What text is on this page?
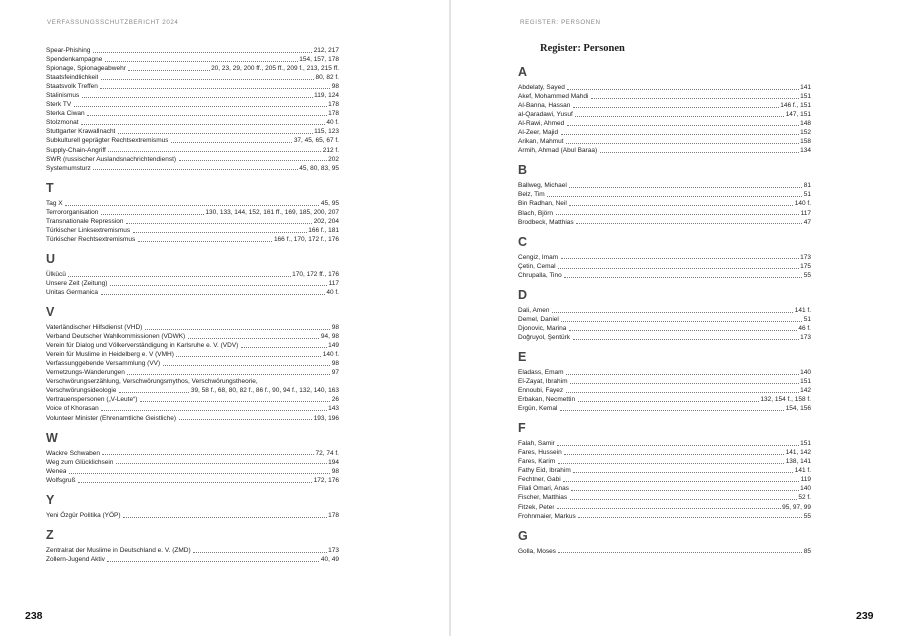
VERFASSUNGSSCHUTZBERICHT 2024
Spear-Phishing	212, 217
Spendenkampagne	154, 157, 178
Spionage, Spionageabwehr	20, 23, 29, 200 ff., 205 ff., 209 f., 213, 215 ff.
Staatsfeindlichkeit	80, 82 f.
Staatsvolk Treffen	98
Stalinismus	119, 124
Sterk TV	178
Sterka Ciwan	178
Stolzmonat	40 f.
Stuttgarter Krawallnacht	115, 123
Subkulturell geprägter Rechtsextremismus	37, 45, 65, 67 f.
Supply-Chain-Angriff	212 f.
SWR (russischer Auslandsnachrichtendienst)	202
Systemumsturz	45, 80, 83, 95
T
Tag X	45, 95
Terrororganisation	130, 133, 144, 152, 161 ff., 169, 185, 200, 207
Transnationale Repression	202, 204
Türkischer Linksextremismus	166 f., 181
Türkischer Rechtsextremismus	166 f., 170, 172 f., 176
U
Ülkücü	170, 172 ff., 176
Unsere Zeit (Zeitung)	117
Unitas Germanica	40 f.
V
Vaterländischer Hilfsdienst (VHD)	98
Verband Deutscher Wahlkommissionen (VDWK)	94, 98
Verein für Dialog und Völkerverständigung in Karlsruhe e. V. (VDV)	149
Verein für Muslime in Heidelberg e. V (VMH)	140 f.
Verfassunggebende Versammlung (VV)	98
Vernetzungs-Wanderungen	97
Verschwörungserzählung, Verschwörungsmythos, Verschwörungstheorie,
Verschwörungsideologie	39, 58 f., 68, 80, 82 f., 86 f., 90, 94 f., 132, 140, 163
Vertrauenspersonen („V-Leute“)	26
Voice of Khorasan	143
Volunteer Minister (Ehrenamtliche Geistliche)	193, 196
W
Wackre Schwaben	72, 74 f.
Weg zum Glücklichsein	194
Wenea	98
Wolfsgruß	172, 176
Y
Yeni Özgür Politika (YÖP)	178
Z
Zentralrat der Muslime in Deutschland e. V. (ZMD)	173
Zollern-Jugend Aktiv	40, 49
238
REGISTER: PERSONEN
Register: Personen
A
Abdelaty, Sayed	141
Akef, Mohammed Mahdi	151
Al-Banna, Hassan	146 f., 151
al-Qaradawi, Yusuf	147, 151
Al-Rawi, Ahmed	148
Al-Zeer, Majid	152
Arikan, Mahmut	158
Armih, Ahmad (Abul Baraa)	134
B
Ballweg, Michael	81
Belz, Tim	51
Bin Radhan, Neil	140 f.
Blach, Björn	117
Brodbeck, Matthias	47
C
Cengiz, Imam	173
Çetin, Cemal	175
Chrupalla, Tino	55
D
Dali, Amen	141 f.
Demel, Daniel	51
Djonovic, Marina	46 f.
Doğruyol, Şentürk	173
E
Eladass, Emam	140
El-Zayat, Ibrahim	151
Ennoubi, Fayez	142
Erbakan, Necmettin	132, 154 f., 158 f.
Ergün, Kemal	154, 156
F
Falah, Samir	151
Fares, Hussein	141, 142
Fares, Karim	138, 141
Fathy Eid, Ibrahim	141 f.
Fechtner, Gabi	119
Filali Omari, Anas	140
Fischer, Matthias	52 f.
Fitzek, Peter	95, 97, 99
Frohnmaier, Markus	55
G
Golla, Moses	85
239
